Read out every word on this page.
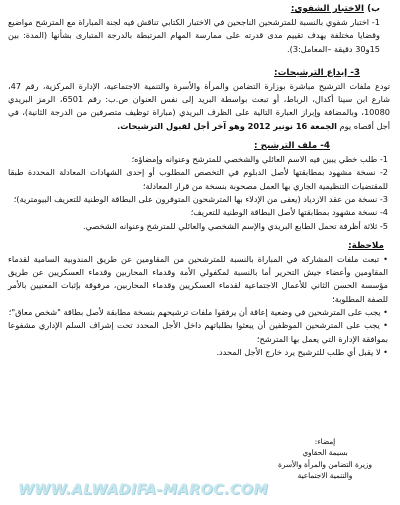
ب) الاختبار الشفوي:

1- اختبار شفوي بالنسبة للمترشحين الناجحين في الاختبار الكتابي تناقش فيه لجنة المباراة مع المترشح مواضيع وقضايا مختلفة يهدف تقييم مدى قدرته على ممارسة المهام المرتبطة بالدرجة المتبارى بشأنها (المدة: بين 15و30 دقيقة –المعامل:3).

3- إيداع الترشيحات:

تودع ملفات الترشيح مباشرة بوزارة التضامن والمرأة والأسرة والتنمية الاجتماعية، الإدارة المركزية، رقم 47، شارع ابن سينا أكدال، الرباط، أو تبعث بواسطة البريد إلى نفس العنوان ص.ب: رقم 6501، الرمز البريدي 10080، وبالمضافة وإبراز العبارة التالية على الظرف البريدي (مباراة توظيف متصرفين من الدرجة الثانية)، في أجل أقصاه يوم الجمعة 16 نونبر 2012 وهو آخر أجل لقبول الترشيحات.

4- ملف الترشيح :

1- طلب خطي يبين فيه الاسم العائلي والشخصي للمترشح وعنوانه وإمضاؤه؛

2- نسخة مشهود بمطابقتها لأصل الدبلوم في التخصص المطلوب أو إحدى الشهادات المعادلة المحددة طبقا للمقتضيات التنظيمية الجاري بها العمل مصحوبة بنسخة من قرار المعادلة؛

3- نسخة من عقد الازدياد (يعفى من الإدلاء بها المترشحون المتوفرون على البطاقة الوطنية للتعريف البيومترية)؛

4- نسخة مشهود بمطابقتها لأصل البطاقة الوطنية للتعريف؛

5- ثلاثة أظرفة تحمل الطابع البريدي والإسم الشخصي والعائلي للمترشح وعنوانه الشخصي.

ملاحظة:

• تبعث ملفات المشاركة في المباراة بالنسبة للمترشحين من المقاومين عن طريق المندوبية السامية لقدماء المقاومين وأعضاء جيش التحرير أما بالنسبة لمكفولي الأمة وقدماء المحاربين وقدماء العسكريين عن طريق مؤسسة الحسن الثاني للأعمال الاجتماعية لقدماء العسكريين وقدماء المحاربين، مرفوقة بإثبات المعنيين بالأمر للصفة المطلوبة؛

• يجب على المترشحين في وضعية إعاقة أن يرفقوا ملفات ترشيحهم بنسخة مطابقة لأصل بطاقة "شخص معاق"؛

• يجب على المترشحين الموظفين أن يبعثوا بطلباتهم داخل الأجل المحدد تحت إشراف السلم الإداري مشفوعا بموافقة الإدارة التي يعمل بها المترشح؛

• لا يقبل أي طلب للترشيح يرد خارج الأجل المحدد.

إمضاء:
بسيمة الحقاوي
وزيرة التضامن والمرأة والأسرة
والتنمية الاجتماعية
WWW.ALWADIFA-MAROC.COM
